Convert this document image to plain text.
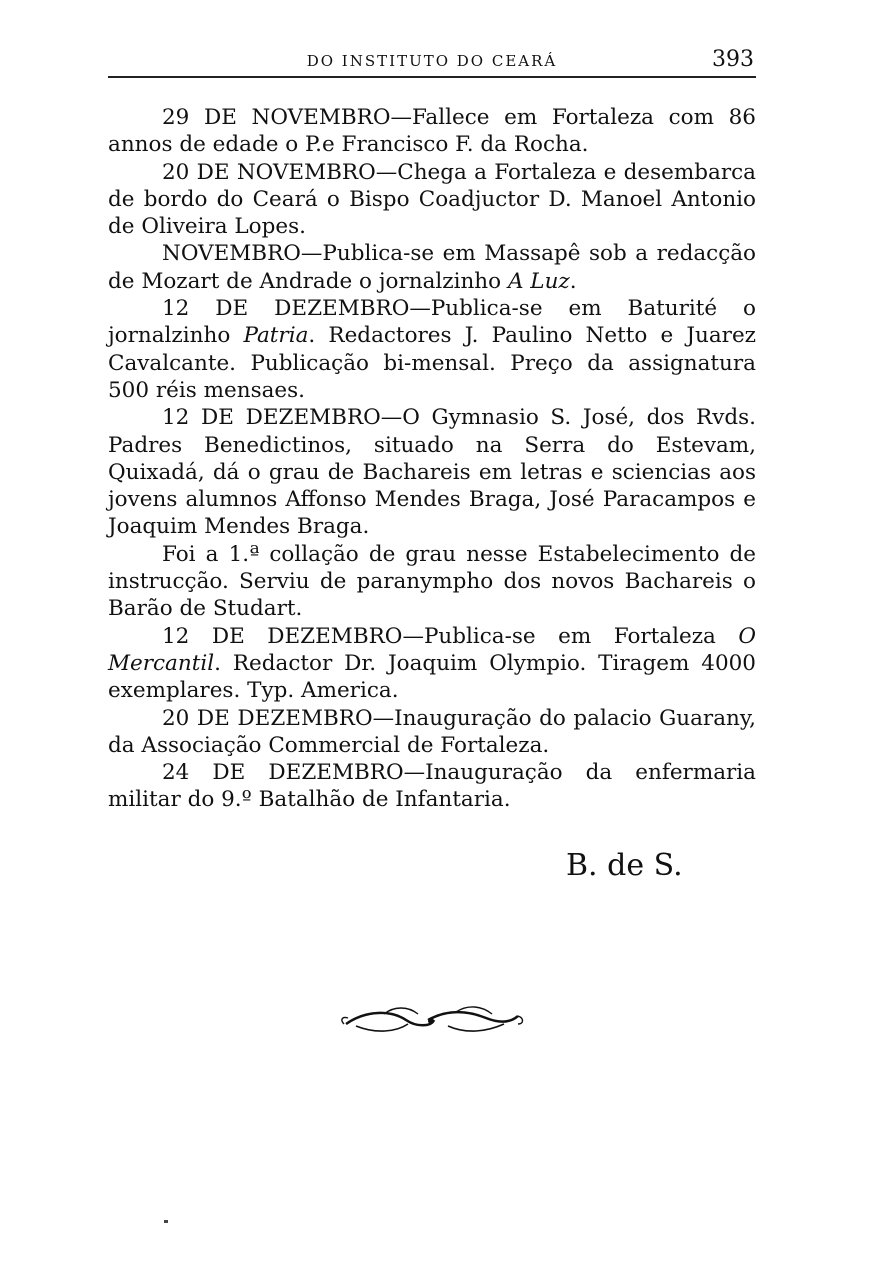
DO INSTITUTO DO CEARÁ	393

29 DE NOVEMBRO—Fallece em Fortaleza com 86 annos de edade o P.e Francisco F. da Rocha.

20 DE NOVEMBRO—Chega a Fortaleza e desembarca de bordo do Ceará o Bispo Coadjuctor D. Manoel Antonio de Oliveira Lopes.

NOVEMBRO—Publica-se em Massapê sob a redacção de Mozart de Andrade o jornalzinho A Luz.

12 DE DEZEMBRO—Publica-se em Baturité o jornalzinho Patria. Redactores J. Paulino Netto e Juarez Cavalcante. Publicação bi-mensal. Preço da assignatura 500 réis mensaes.

12 DE DEZEMBRO—O Gymnasio S. José, dos Rvds. Padres Benedictinos, situado na Serra do Estevam, Quixadá, dá o grau de Bachareis em letras e sciencias aos jovens alumnos Affonso Mendes Braga, José Paracampos e Joaquim Mendes Braga.

Foi a 1.ª collação de grau nesse Estabelecimento de instrucção. Serviu de paranympho dos novos Bachareis o Barão de Studart.

12 DE DEZEMBRO—Publica-se em Fortaleza O Mercantil. Redactor Dr. Joaquim Olympio. Tiragem 4000 exemplares. Typ. America.

20 DE DEZEMBRO—Inauguração do palacio Guarany, da Associação Commercial de Fortaleza.

24 DE DEZEMBRO—Inauguração da enfermaria militar do 9.º Batalhão de Infantaria.

B. de S.
